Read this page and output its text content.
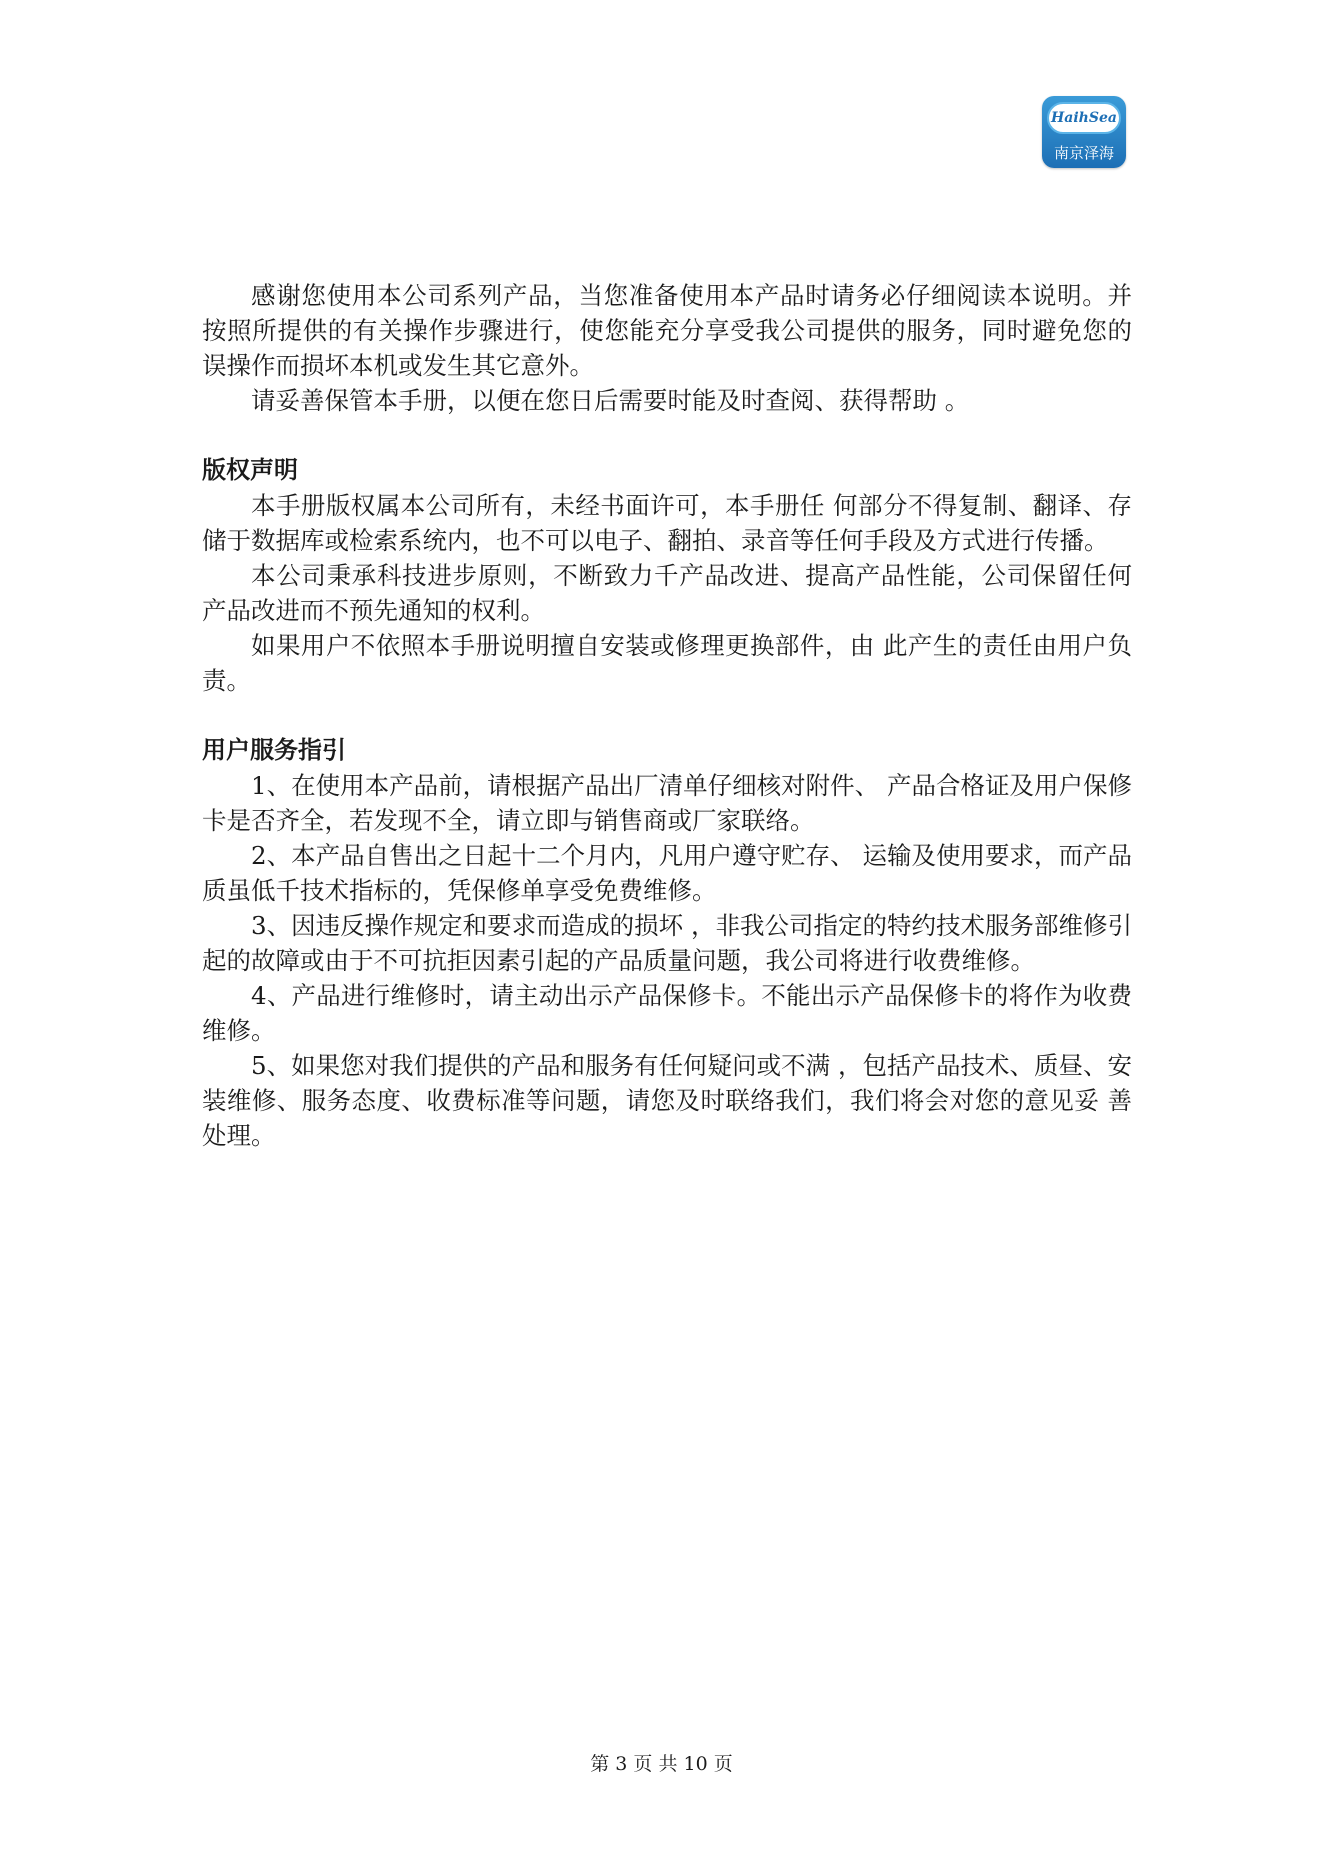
HaihSea
南京泽海

感谢您使用本公司系列产品，当您准备使用本产品时请务必仔细阅读本说明。并按照所提供的有关操作步骤进行，使您能充分享受我公司提供的服务，同时避免您的误操作而损坏本机或发生其它意外。

请妥善保管本手册，以便在您日后需要时能及时查阅、获得帮助 。

版权声明

本手册版权属本公司所有，未经书面许可，本手册任 何部分不得复制、翻译、存储于数据库或检索系统内，也不可以电子、翻拍、录音等任何手段及方式进行传播。

本公司秉承科技进步原则，不断致力千产品改进、提高产品性能，公司保留任何产品改进而不预先通知的权利。

如果用户不依照本手册说明擅自安装或修理更换部件，由 此产生的责任由用户负责。

用户服务指引

1、在使用本产品前，请根据产品出厂清单仔细核对附件、 产品合格证及用户保修卡是否齐全，若发现不全，请立即与销售商或厂家联络。

2、本产品自售出之日起十二个月内，凡用户遵守贮存、 运输及使用要求，而产品质虽低千技术指标的，凭保修单享受免费维修。

3、因违反操作规定和要求而造成的损坏 ，非我公司指定的特约技术服务部维修引起的故障或由于不可抗拒因素引起的产品质量问题，我公司将进行收费维修。

4、产品进行维修时，请主动出示产品保修卡。不能出示产品保修卡的将作为收费维修。

5、如果您对我们提供的产品和服务有任何疑问或不满 ，包括产品技术、质昼、安装维修、服务态度、收费标准等问题，请您及时联络我们，我们将会对您的意见妥 善处理。

第 3 页 共 10 页
